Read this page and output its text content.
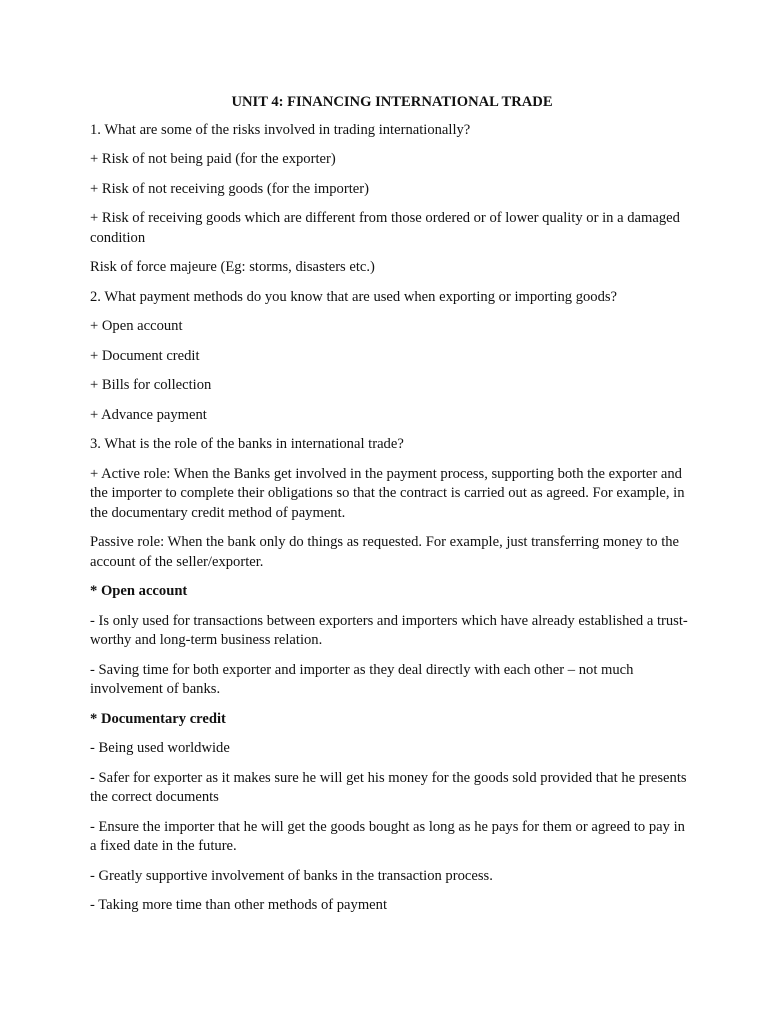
UNIT 4: FINANCING INTERNATIONAL TRADE

1. What are some of the risks involved in trading internationally?

+ Risk of not being paid (for the exporter)

+ Risk of not receiving goods (for the importer)

+ Risk of receiving goods which are different from those ordered or of lower quality or in a damaged condition

Risk of force majeure (Eg: storms, disasters etc.)

2. What payment methods do you know that are used when exporting or importing goods?

+ Open account

+ Document credit

+ Bills for collection

+ Advance payment

3. What is the role of the banks in international trade?

+ Active role: When the Banks get involved in the payment process, supporting both the exporter and the importer to complete their obligations so that the contract is carried out as agreed. For example, in the documentary credit method of payment.

Passive role: When the bank only do things as requested. For example, just transferring money to the account of the seller/exporter.

* Open account

- Is only used for transactions between exporters and importers which have already established a trust-worthy and long-term business relation.

- Saving time for both exporter and importer as they deal directly with each other – not much involvement of banks.

* Documentary credit

- Being used worldwide

- Safer for exporter as it makes sure he will get his money for the goods sold provided that he presents the correct documents

- Ensure the importer that he will get the goods bought as long as he pays for them or agreed to pay in a fixed date in the future.

- Greatly supportive involvement of banks in the transaction process.

- Taking more time than other methods of payment
